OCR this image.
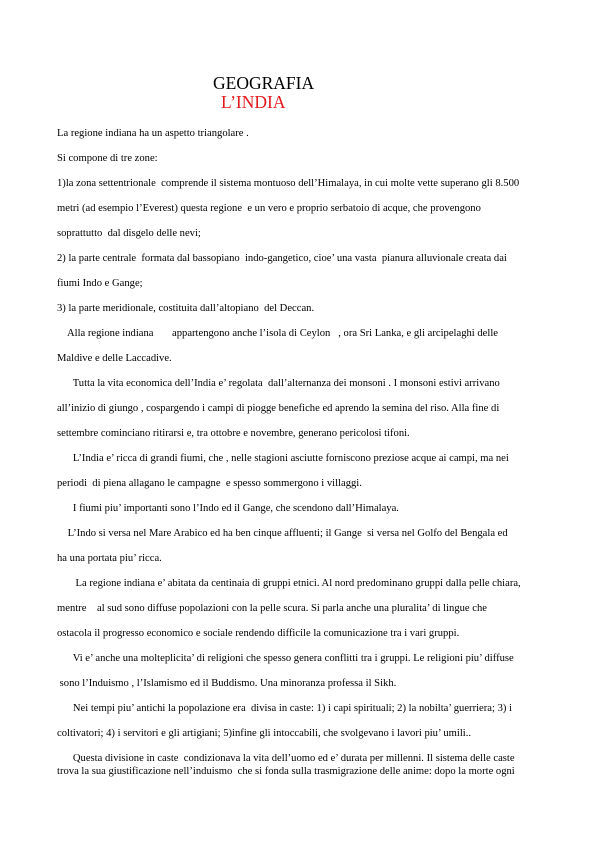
GEOGRAFIA
L’INDIA
La regione indiana ha un aspetto triangolare .
Si compone di tre zone:
1)la zona settentrionale  comprende il sistema montuoso dell’Himalaya, in cui molte vette superano gli 8.500
metri (ad esempio l’Everest) questa regione  e un vero e proprio serbatoio di acque, che provengono
soprattutto  dal disgelo delle nevi;
2) la parte centrale  formata dal bassopiano  indo-gangetico, cioe’ una vasta  pianura alluvionale creata dai
fiumi Indo e Gange;
3) la parte meridionale, costituita dall’altopiano  del Deccan.
Alla regione indiana       appartengono anche l’isola di Ceylon   , ora Sri Lanka, e gli arcipelaghi delle
Maldive e delle Laccadive.
Tutta la vita economica dell’India e’ regolata  dall’alternanza dei monsoni . I monsoni estivi arrivano
all’inizio di giungo , cospargendo i campi di piogge benefiche ed aprendo la semina del riso. Alla fine di
settembre cominciano ritirarsi e, tra ottobre e novembre, generano pericolosi tifoni.
L’India e’ ricca di grandi fiumi, che , nelle stagioni asciutte forniscono preziose acque ai campi, ma nei
periodi  di piena allagano le campagne  e spesso sommergono i villaggi.
I fiumi piu’ importanti sono l’Indo ed il Gange, che scendono dall’Himalaya.
L’Indo si versa nel Mare Arabico ed ha ben cinque affluenti; il Gange  si versa nel Golfo del Bengala ed
ha una portata piu’ ricca.
La regione indiana e’ abitata da centinaia di gruppi etnici. Al nord predominano gruppi dalla pelle chiara,
mentre    al sud sono diffuse popolazioni con la pelle scura. Si parla anche una pluralita’ di lingue che
ostacola il progresso economico e sociale rendendo difficile la comunicazione tra i vari gruppi.
Vi e’ anche una molteplicita’ di religioni che spesso genera conflitti tra i gruppi. Le religioni piu’ diffuse
sono l’Induismo , l’Islamismo ed il Buddismo. Una minoranza professa il Sikh.
Nei tempi piu’ antichi la popolazione era  divisa in caste: 1) i capi spirituali; 2) la nobilta’ guerriera; 3) i
coltivatori; 4) i servitori e gli artigiani; 5)infine gli intoccabili, che svolgevano i lavori piu’ umili..
Questa divisione in caste  condizionava la vita dell’uomo ed e’ durata per millenni. Il sistema delle caste
trova la sua giustificazione nell’induismo  che si fonda sulla trasmigrazione delle anime: dopo la morte ogni
